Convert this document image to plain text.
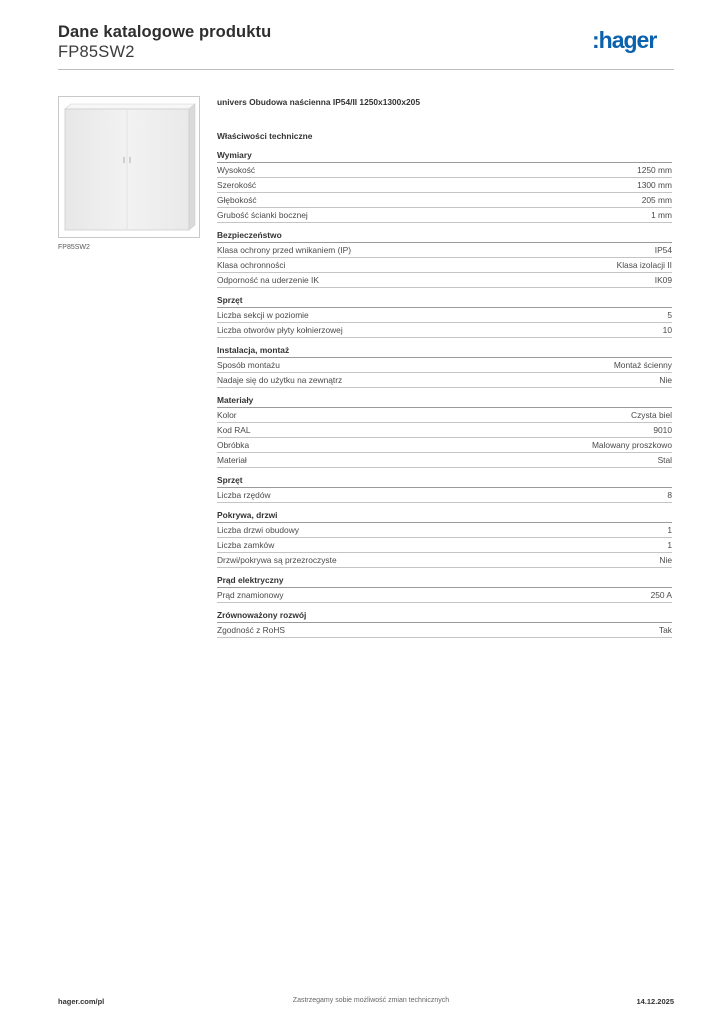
Dane katalogowe produktu
FP85SW2	:hager
FP85SW2
univers Obudowa naścienna IP54/II 1250x1300x205
Właściwości techniczne
Wymiary
Wysokość	1250 mm
Szerokość	1300 mm
Głębokość	205 mm
Grubość ścianki bocznej	1 mm
Bezpieczeństwo
Klasa ochrony przed wnikaniem (IP)	IP54
Klasa ochronności	Klasa izolacji II
Odporność na uderzenie IK	IK09
Sprzęt
Liczba sekcji w poziomie	5
Liczba otworów płyty kołnierzowej	10
Instalacja, montaż
Sposób montażu	Montaż ścienny
Nadaje się do użytku na zewnątrz	Nie
Materiały
Kolor	Czysta biel
Kod RAL	9010
Obróbka	Malowany proszkowo
Materiał	Stal
Sprzęt
Liczba rzędów	8
Pokrywa, drzwi
Liczba drzwi obudowy	1
Liczba zamków	1
Drzwi/pokrywa są przezroczyste	Nie
Prąd elektryczny
Prąd znamionowy	250 A
Zrównoważony rozwój
Zgodność z RoHS	Tak
hager.com/pl	Zastrzegamy sobie możliwość zmian technicznych	14.12.2025
